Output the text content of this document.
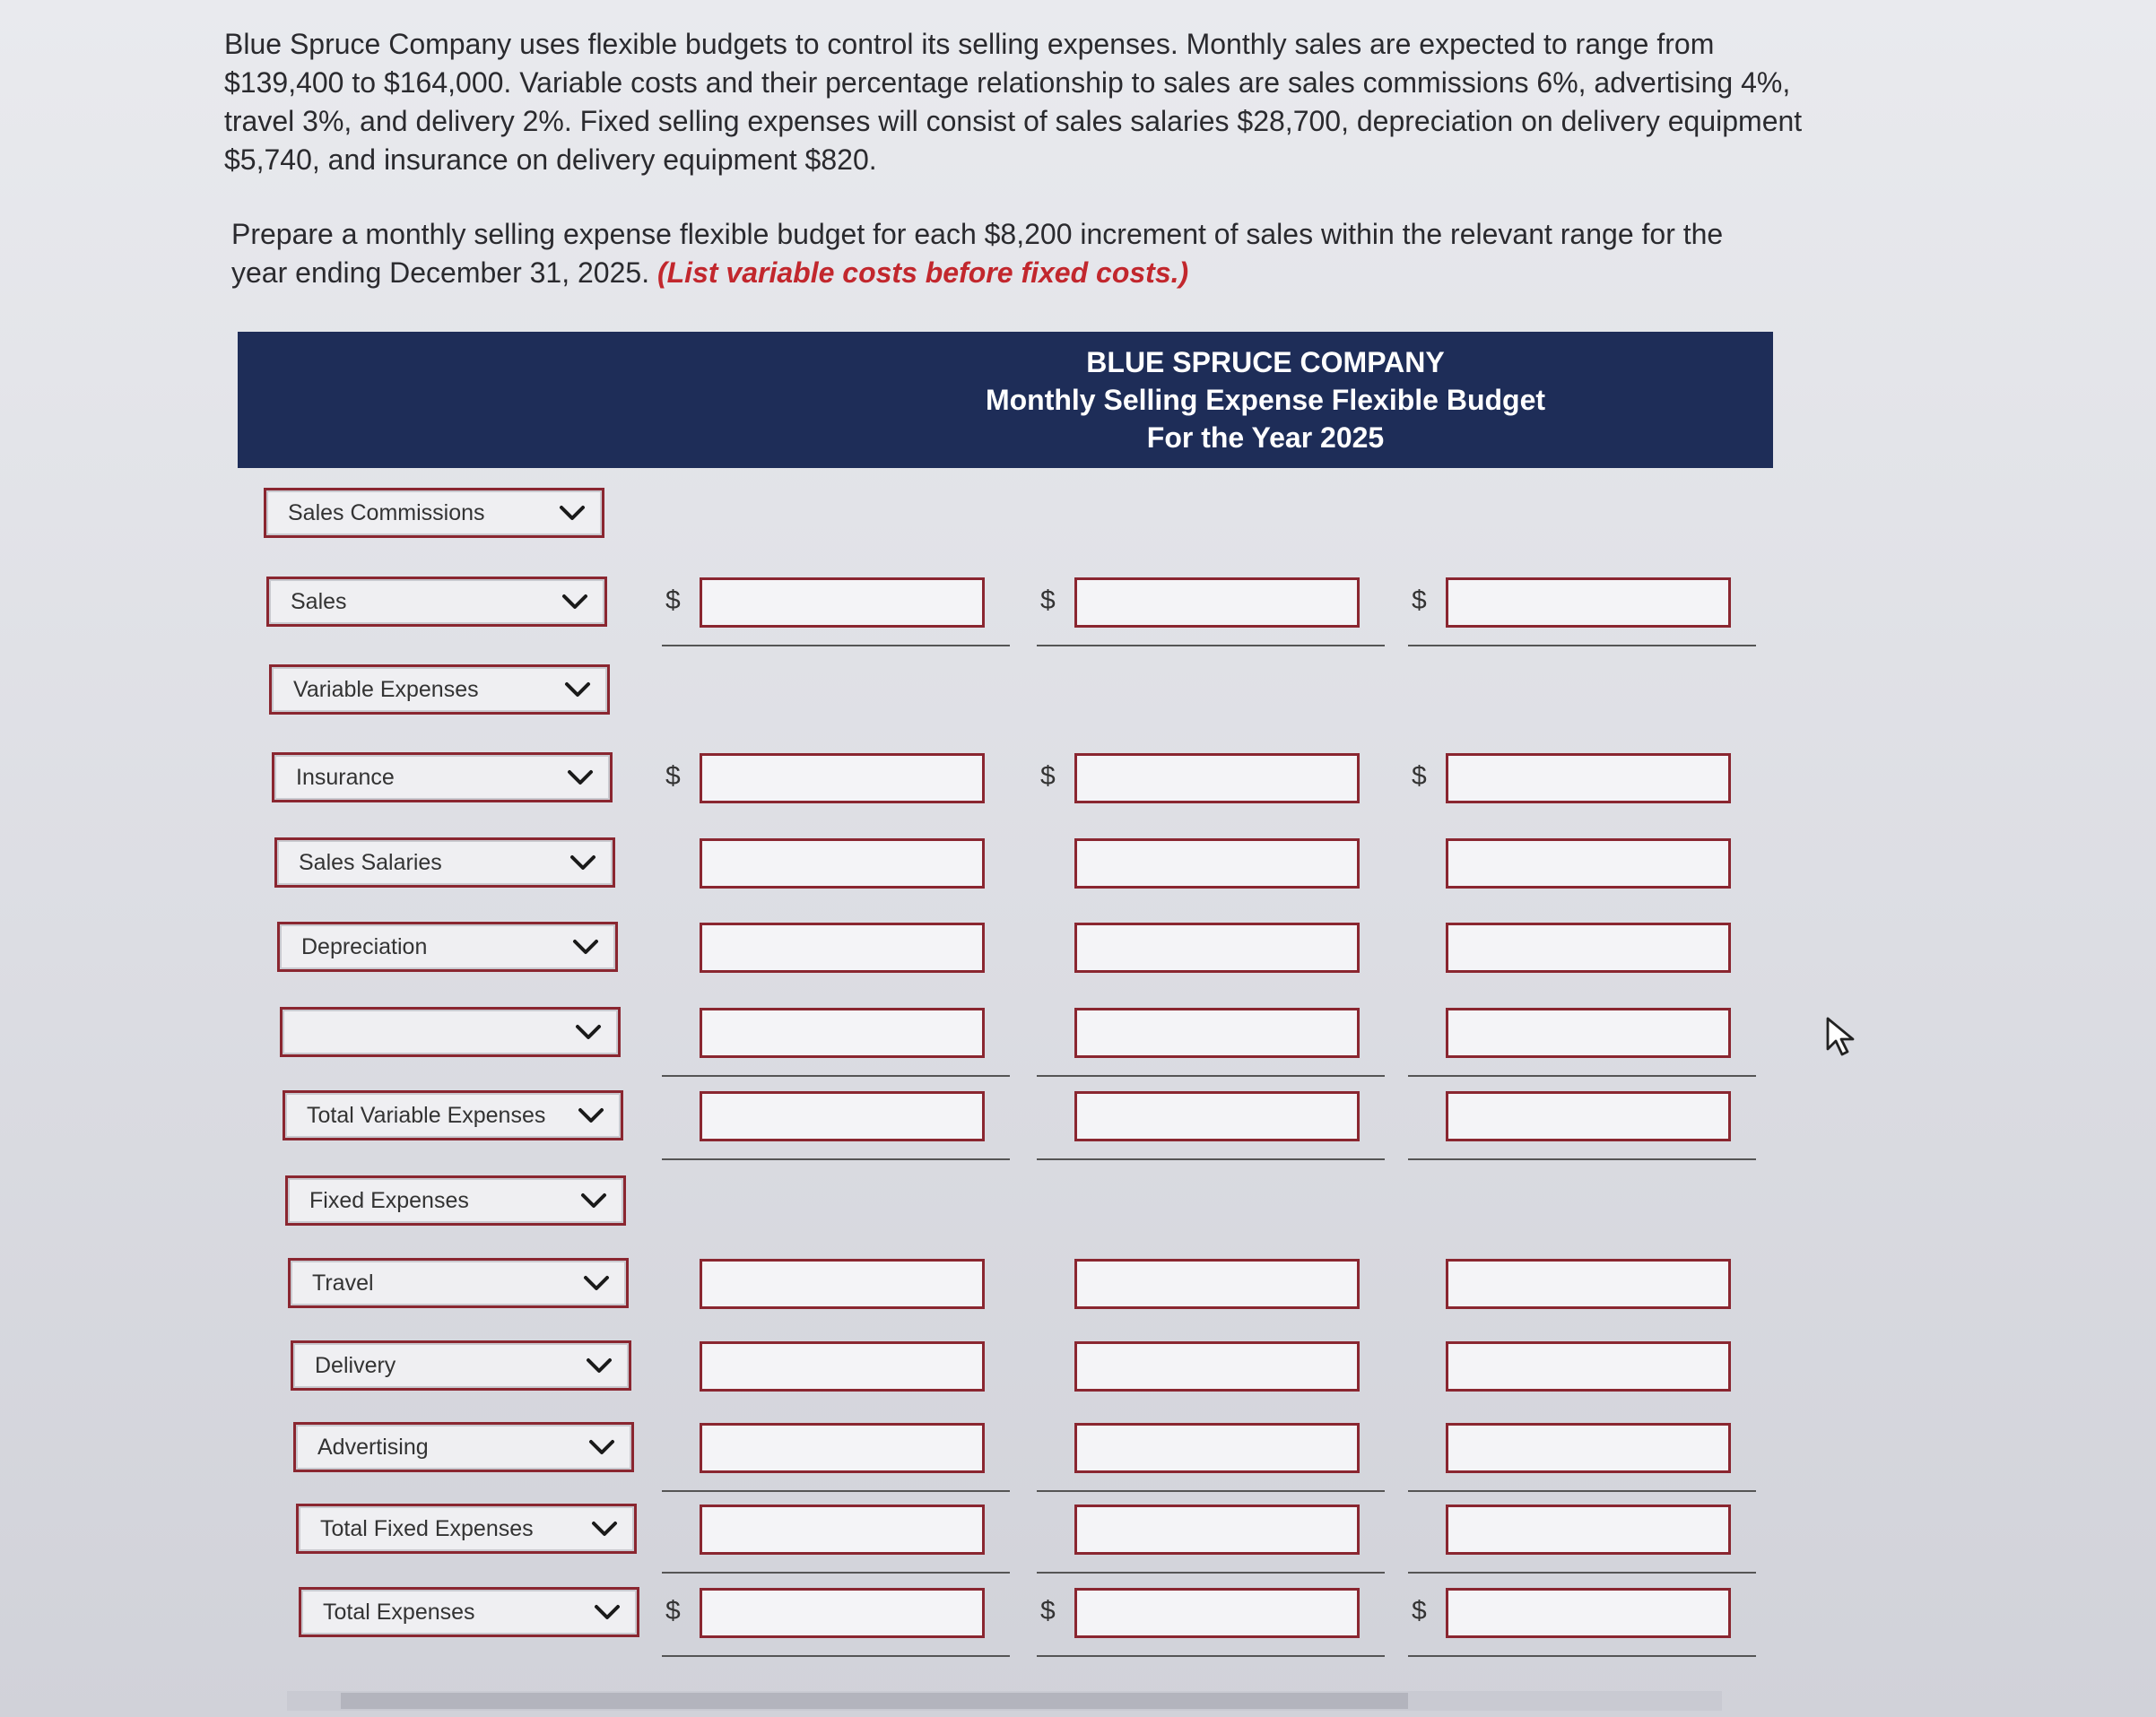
Blue Spruce Company uses flexible budgets to control its selling expenses. Monthly sales are expected to range from $139,400 to $164,000. Variable costs and their percentage relationship to sales are sales commissions 6%, advertising 4%, travel 3%, and delivery 2%. Fixed selling expenses will consist of sales salaries $28,700, depreciation on delivery equipment $5,740, and insurance on delivery equipment $820.

Prepare a monthly selling expense flexible budget for each $8,200 increment of sales within the relevant range for the year ending December 31, 2025. (List variable costs before fixed costs.)

BLUE SPRUCE COMPANY
Monthly Selling Expense Flexible Budget
For the Year 2025
Sales Commissions
Sales	$	$	$
Variable Expenses
Insurance	$	$	$
Sales Salaries
Depreciation
Total Variable Expenses
Fixed Expenses
Travel
Delivery
Advertising
Total Fixed Expenses
Total Expenses	$	$	$
